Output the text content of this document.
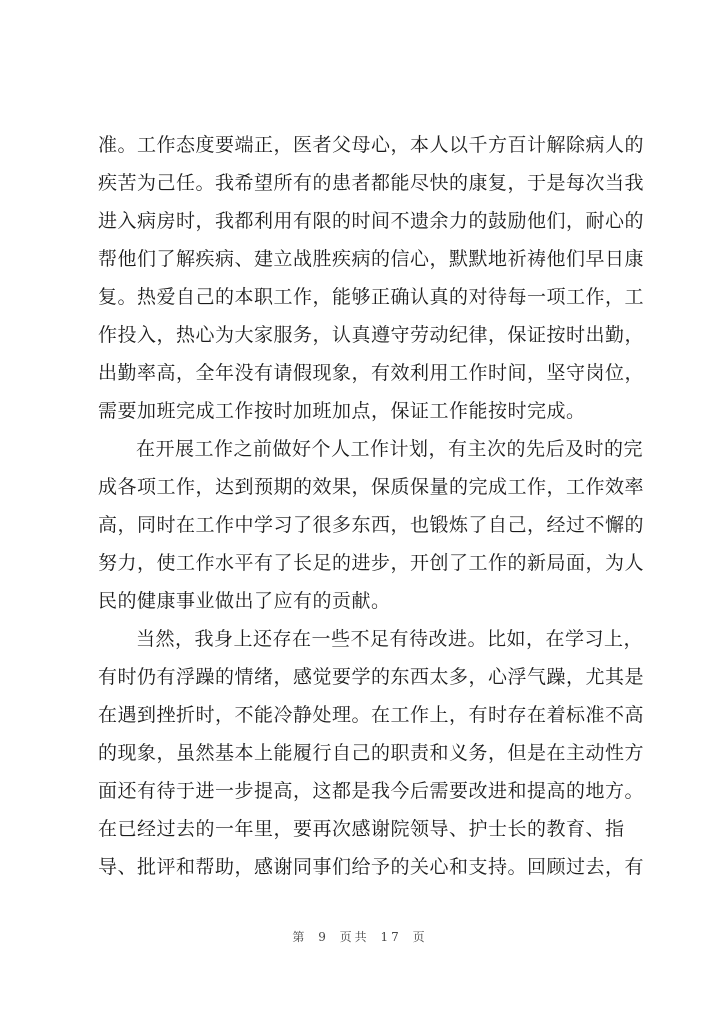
准。工作态度要端正，医者父母心，本人以千方百计解除病人的
疾苦为己任。我希望所有的患者都能尽快的康复，于是每次当我
进入病房时，我都利用有限的时间不遗余力的鼓励他们，耐心的
帮他们了解疾病、建立战胜疾病的信心，默默地祈祷他们早日康
复。热爱自己的本职工作，能够正确认真的对待每一项工作，工
作投入，热心为大家服务，认真遵守劳动纪律，保证按时出勤，
出勤率高，全年没有请假现象，有效利用工作时间，坚守岗位，
需要加班完成工作按时加班加点，保证工作能按时完成。
在开展工作之前做好个人工作计划，有主次的先后及时的完
成各项工作，达到预期的效果，保质保量的完成工作，工作效率
高，同时在工作中学习了很多东西，也锻炼了自己，经过不懈的
努力，使工作水平有了长足的进步，开创了工作的新局面，为人
民的健康事业做出了应有的贡献。
当然，我身上还存在一些不足有待改进。比如，在学习上，
有时仍有浮躁的情绪，感觉要学的东西太多，心浮气躁，尤其是
在遇到挫折时，不能冷静处理。在工作上，有时存在着标准不高
的现象，虽然基本上能履行自己的职责和义务，但是在主动性方
面还有待于进一步提高，这都是我今后需要改进和提高的地方。
在已经过去的一年里，要再次感谢院领导、护士长的教育、指
导、批评和帮助，感谢同事们给予的关心和支持。回顾过去，有
第 9 页共 17 页
